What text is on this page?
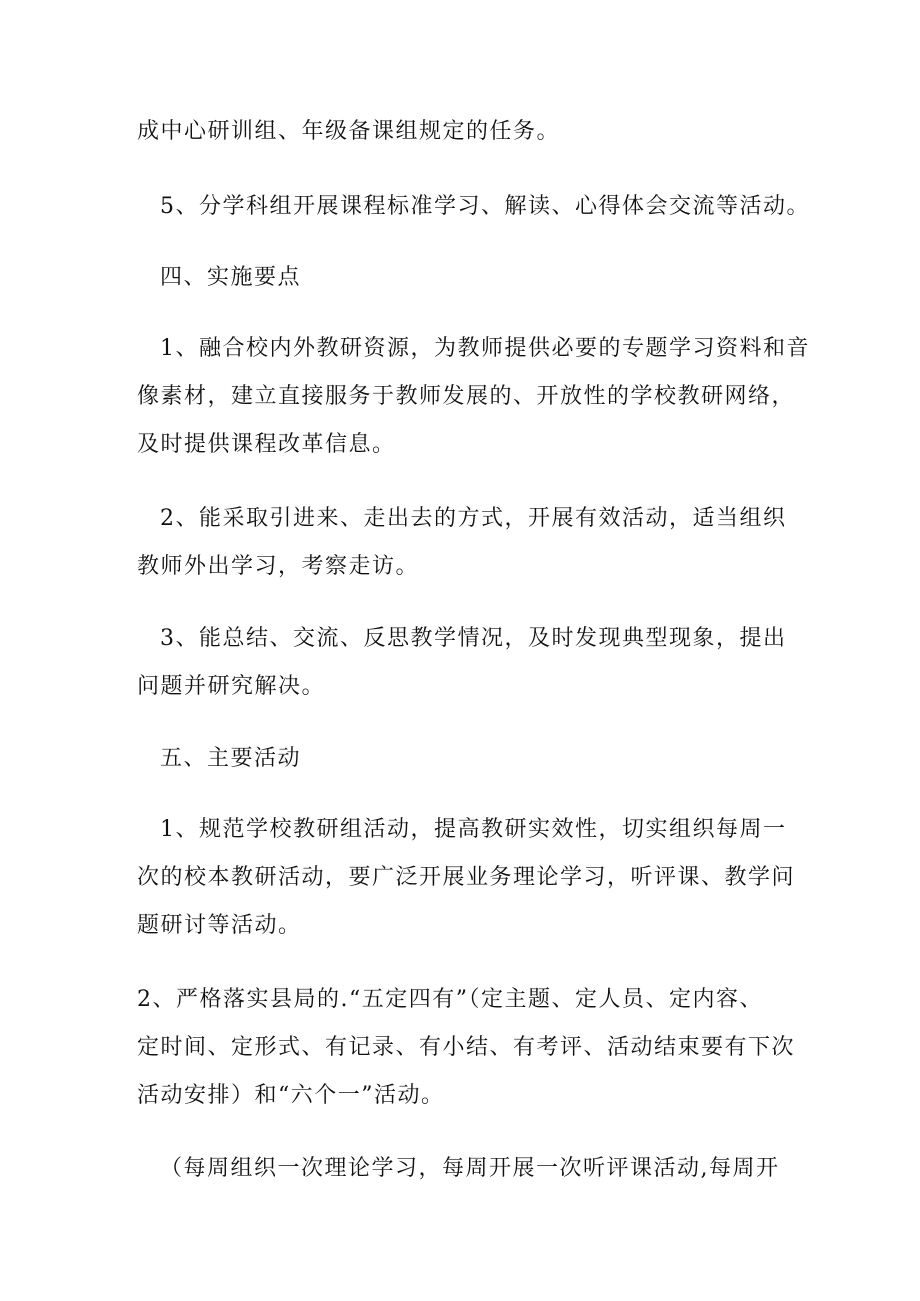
成中心研训组、年级备课组规定的任务。
5、分学科组开展课程标准学习、解读、心得体会交流等活动。
四、实施要点
1、融合校内外教研资源，为教师提供必要的专题学习资料和音
像素材，建立直接服务于教师发展的、开放性的学校教研网络，
及时提供课程改革信息。
2、能采取引进来、走出去的方式，开展有效活动，适当组织
教师外出学习，考察走访。
3、能总结、交流、反思教学情况，及时发现典型现象，提出
问题并研究解决。
五、主要活动
1、规范学校教研组活动，提高教研实效性，切实组织每周一
次的校本教研活动，要广泛开展业务理论学习，听评课、教学问
题研讨等活动。
2、严格落实县局的.“五定四有”（定主题、定人员、定内容、
定时间、定形式、有记录、有小结、有考评、活动结束要有下次
活动安排）和“六个一”活动。
（每周组织一次理论学习，每周开展一次听评课活动,每周开
